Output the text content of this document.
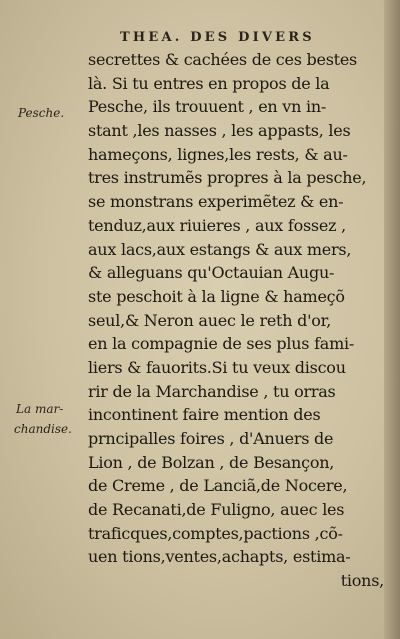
THEA. DES DIVERS
Pesche.
La mar-
chandise.
secrettes & cachées de ces bestes
là. Si tu entres en propos de la
Pesche, ils trouuent , en vn in-
stant ,les nasses , les appasts, les
hameçons, lignes,les rests, & au-
tres instrumẽs propres à la pesche,
se monstrans experimẽtez & en-
tenduz,aux riuieres , aux fossez ,
aux lacs,aux estangs & aux mers,
& alleguans qu'Octauian Augu-
ste peschoit à la ligne & hameçõ
seul,& Neron auec le reth d'or,
en la compagnie de ses plus fami-
liers & fauorits.Si tu veux discou
rir de la Marchandise , tu orras
incontinent faire mention des
prncipalles foires , d'Anuers de
Lion , de Bolzan , de Besançon,
de Creme , de Lanciã,de Nocere,
de Recanati,de Fuligno, auec les
traficques,comptes,pactions ,cõ-
uen tions,ventes,achapts, estima-
tions,
